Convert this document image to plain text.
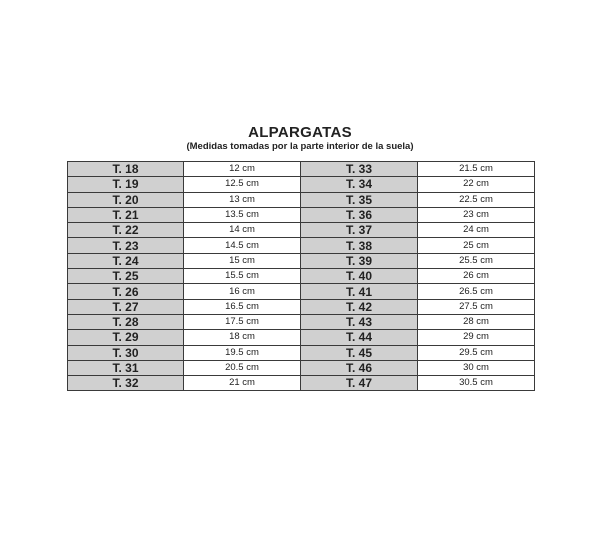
ALPARGATAS
(Medidas tomadas por la parte interior de la suela)
T. 18	12 cm	T. 33	21.5 cm
T. 19	12.5 cm	T. 34	22 cm
T. 20	13 cm	T. 35	22.5 cm
T. 21	13.5 cm	T. 36	23 cm
T. 22	14 cm	T. 37	24 cm
T. 23	14.5 cm	T. 38	25 cm
T. 24	15 cm	T. 39	25.5 cm
T. 25	15.5 cm	T. 40	26 cm
T. 26	16 cm	T. 41	26.5 cm
T. 27	16.5 cm	T. 42	27.5 cm
T. 28	17.5 cm	T. 43	28 cm
T. 29	18 cm	T. 44	29 cm
T. 30	19.5 cm	T. 45	29.5 cm
T. 31	20.5 cm	T. 46	30 cm
T. 32	21 cm	T. 47	30.5 cm
